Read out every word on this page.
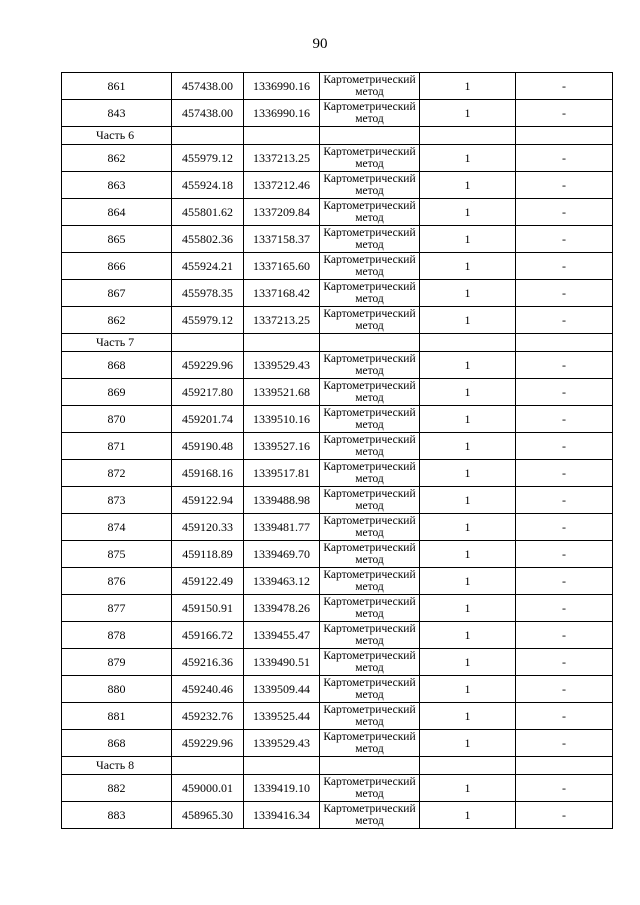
90
861	457438.00	1336990.16	Картометрический метод	1	-
843	457438.00	1336990.16	Картометрический метод	1	-
Часть 6					
862	455979.12	1337213.25	Картометрический метод	1	-
863	455924.18	1337212.46	Картометрический метод	1	-
864	455801.62	1337209.84	Картометрический метод	1	-
865	455802.36	1337158.37	Картометрический метод	1	-
866	455924.21	1337165.60	Картометрический метод	1	-
867	455978.35	1337168.42	Картометрический метод	1	-
862	455979.12	1337213.25	Картометрический метод	1	-
Часть 7					
868	459229.96	1339529.43	Картометрический метод	1	-
869	459217.80	1339521.68	Картометрический метод	1	-
870	459201.74	1339510.16	Картометрический метод	1	-
871	459190.48	1339527.16	Картометрический метод	1	-
872	459168.16	1339517.81	Картометрический метод	1	-
873	459122.94	1339488.98	Картометрический метод	1	-
874	459120.33	1339481.77	Картометрический метод	1	-
875	459118.89	1339469.70	Картометрический метод	1	-
876	459122.49	1339463.12	Картометрический метод	1	-
877	459150.91	1339478.26	Картометрический метод	1	-
878	459166.72	1339455.47	Картометрический метод	1	-
879	459216.36	1339490.51	Картометрический метод	1	-
880	459240.46	1339509.44	Картометрический метод	1	-
881	459232.76	1339525.44	Картометрический метод	1	-
868	459229.96	1339529.43	Картометрический метод	1	-
Часть 8					
882	459000.01	1339419.10	Картометрический метод	1	-
883	458965.30	1339416.34	Картометрический метод	1	-
